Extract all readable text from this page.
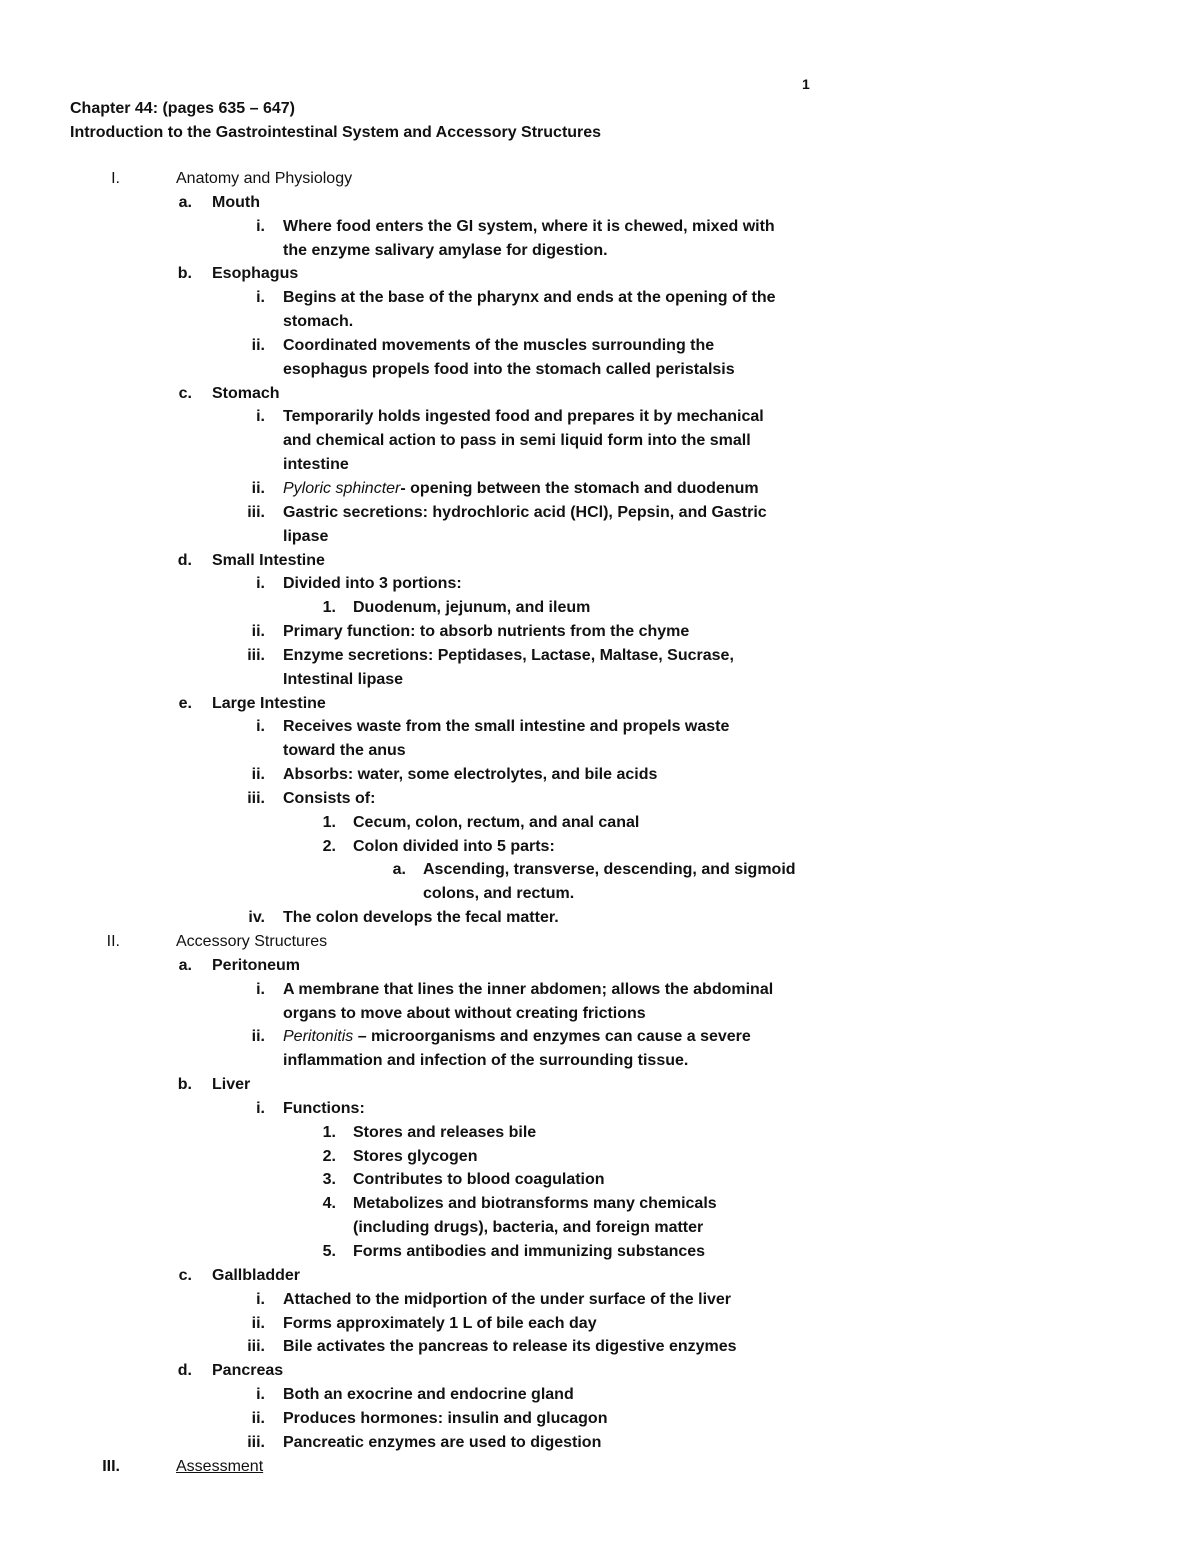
1
Chapter 44: (pages 635 – 647)
Introduction to the Gastrointestinal System and Accessory Structures
I.	Anatomy and Physiology
a. Mouth
i. Where food enters the GI system, where it is chewed, mixed with
the enzyme salivary amylase for digestion.
b. Esophagus
i. Begins at the base of the pharynx and ends at the opening of the
stomach.
ii. Coordinated movements of the muscles surrounding the
esophagus propels food into the stomach called peristalsis
c. Stomach
i. Temporarily holds ingested food and prepares it by mechanical
and chemical action to pass in semi liquid form into the small
intestine
ii. Pyloric sphincter- opening between the stomach and duodenum
iii. Gastric secretions: hydrochloric acid (HCl), Pepsin, and Gastric
lipase
d. Small Intestine
i. Divided into 3 portions:
1. Duodenum, jejunum, and ileum
ii. Primary function: to absorb nutrients from the chyme
iii. Enzyme secretions: Peptidases, Lactase, Maltase, Sucrase,
Intestinal lipase
e. Large Intestine
i. Receives waste from the small intestine and propels waste
toward the anus
ii. Absorbs: water, some electrolytes, and bile acids
iii. Consists of:
1. Cecum, colon, rectum, and anal canal
2. Colon divided into 5 parts:
a. Ascending, transverse, descending, and sigmoid
colons, and rectum.
iv. The colon develops the fecal matter.
II.	Accessory Structures
a. Peritoneum
i. A membrane that lines the inner abdomen; allows the abdominal
organs to move about without creating frictions
ii. Peritonitis – microorganisms and enzymes can cause a severe
inflammation and infection of the surrounding tissue.
b. Liver
i. Functions:
1. Stores and releases bile
2. Stores glycogen
3. Contributes to blood coagulation
4. Metabolizes and biotransforms many chemicals
(including drugs), bacteria, and foreign matter
5. Forms antibodies and immunizing substances
c. Gallbladder
i. Attached to the midportion of the under surface of the liver
ii. Forms approximately 1 L of bile each day
iii. Bile activates the pancreas to release its digestive enzymes
d. Pancreas
i. Both an exocrine and endocrine gland
ii. Produces hormones: insulin and glucagon
iii. Pancreatic enzymes are used to digestion
III.	Assessment
